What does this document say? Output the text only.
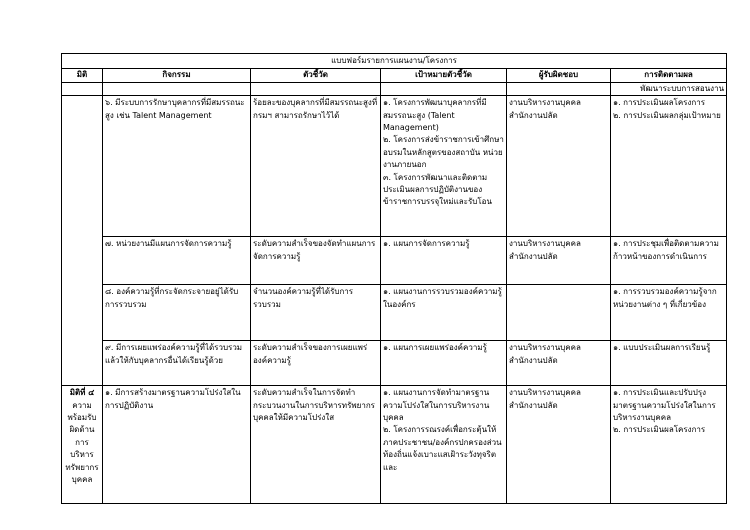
แบบฟอร์มรายการแผนงาน/โครงการ					
มิติ	กิจกรรม	ตัวชี้วัด	เป้าหมายตัวชี้วัด	ผู้รับผิดชอบ	การติดตามผล
					พัฒนาระบบการสอนงาน
	๖. มีระบบการรักษาบุคลากรที่มีสมรรถนะสูง เช่น Talent Management	ร้อยละของบุคลากรที่มีสมรรถนะสูงที่กรมฯ สามารถรักษาไว้ได้	๑. โครงการพัฒนาบุคลากรที่มีสมรรถนะสูง (Talent Management)
๒. โครงการส่งข้าราชการเข้าศึกษาอบรมในหลักสูตรของสถาบัน หน่วยงานภายนอก
๓. โครงการพัฒนาและติดตามประเมินผลการปฏิบัติงานของข้าราชการบรรจุใหม่และรับโอน	งานบริหารงานบุคคล สำนักงานปลัด	๑. การประเมินผลโครงการ
๒. การประเมินผลกลุ่มเป้าหมาย

	๗. หน่วยงานมีแผนการจัดการความรู้	ระดับความสำเร็จของจัดทำแผนการจัดการความรู้	๑. แผนการจัดการความรู้	งานบริหารงานบุคคล สำนักงานปลัด	๑. การประชุมเพื่อติดตามความก้าวหน้าของการดำเนินการ

	๘. องค์ความรู้ที่กระจัดกระจายอยู่ได้รับการรวบรวม	จำนวนองค์ความรู้ที่ได้รับการรวบรวม	๑. แผนงานการรวบรวมองค์ความรู้ในองค์กร		๑. การรวบรวมองค์ความรู้จากหน่วยงานต่าง ๆ ที่เกี่ยวข้อง

	๙. มีการเผยแพร่องค์ความรู้ที่ได้รวบรวมแล้วให้กับบุคลากรอื่นได้เรียนรู้ด้วย	ระดับความสำเร็จของการเผยแพร่องค์ความรู้	๑. แผนการเผยแพร่องค์ความรู้	งานบริหารงานบุคคล สำนักงานปลัด	๑. แบบประเมินผลการเรียนรู้

มิติที่ ๔
ความพร้อมรับผิดด้านการบริหารทรัพยากรบุคคล	๑. มีการสร้างมาตรฐานความโปร่งใสในการปฏิบัติงาน	ระดับความสำเร็จในการจัดทำกระบวนงานในการบริหารทรัพยากรบุคคลให้มีความโปร่งใส	๑. แผนงานการจัดทำมาตรฐานความโปร่งใสในการบริหารงานบุคคล
๒. โครงการรณรงค์เพื่อกระตุ้นให้ภาคประชาชน/องค์กรปกครองส่วนท้องถิ่นแจ้งเบาะแสเฝ้าระวังทุจริตและ	งานบริหารงานบุคคล สำนักงานปลัด	๑. การประเมินและปรับปรุงมาตรฐานความโปร่งใสในการบริหารงานบุคคล
๒. การประเมินผลโครงการ
